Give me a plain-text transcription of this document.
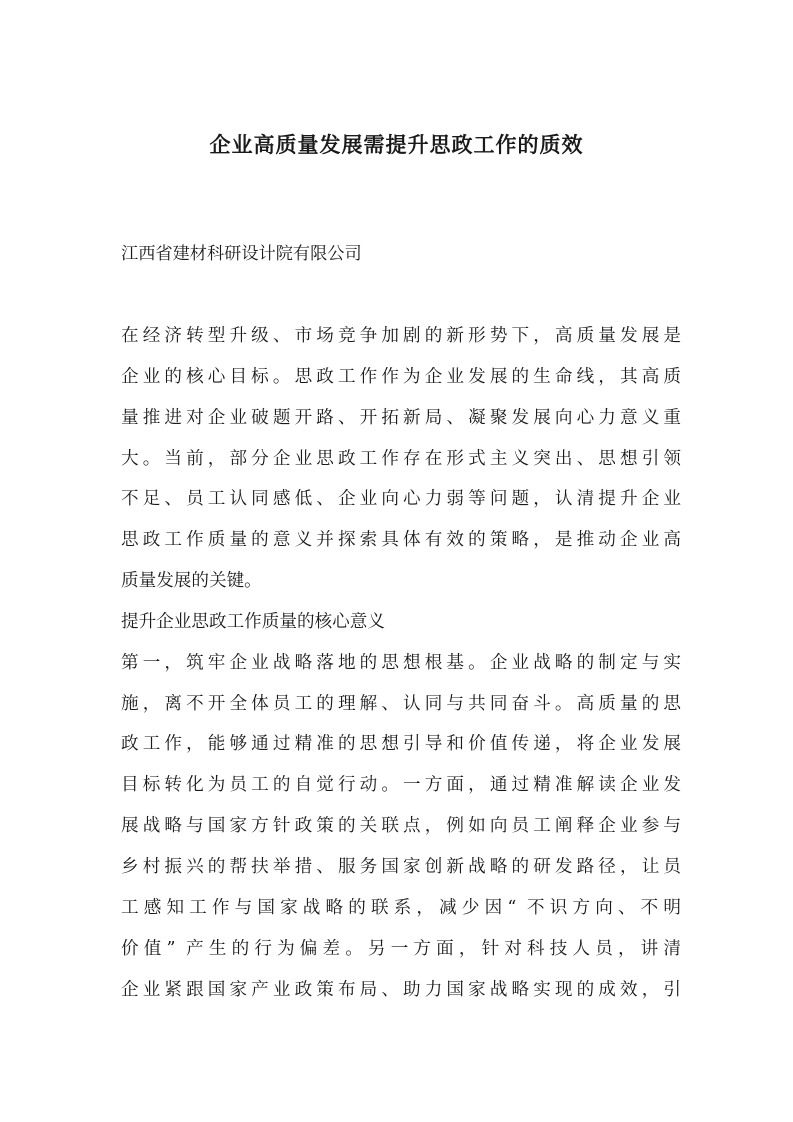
企业高质量发展需提升思政工作的质效

江西省建材科研设计院有限公司

在经济转型升级、市场竞争加剧的新形势下，高质量发展是
企业的核心目标。思政工作作为企业发展的生命线，其高质
量推进对企业破题开路、开拓新局、凝聚发展向心力意义重
大。当前，部分企业思政工作存在形式主义突出、思想引领
不足、员工认同感低、企业向心力弱等问题，认清提升企业
思政工作质量的意义并探索具体有效的策略，是推动企业高
质量发展的关键。
提升企业思政工作质量的核心意义
第一，筑牢企业战略落地的思想根基。企业战略的制定与实
施，离不开全体员工的理解、认同与共同奋斗。高质量的思
政工作，能够通过精准的思想引导和价值传递，将企业发展
目标转化为员工的自觉行动。一方面，通过精准解读企业发
展战略与国家方针政策的关联点，例如向员工阐释企业参与
乡村振兴的帮扶举措、服务国家创新战略的研发路径，让员
工感知工作与国家战略的联系，减少因“ 不识方向、不明
价值” 产生的行为偏差。另一方面，针对科技人员，讲清
企业紧跟国家产业政策布局、助力国家战略实现的成效，引
